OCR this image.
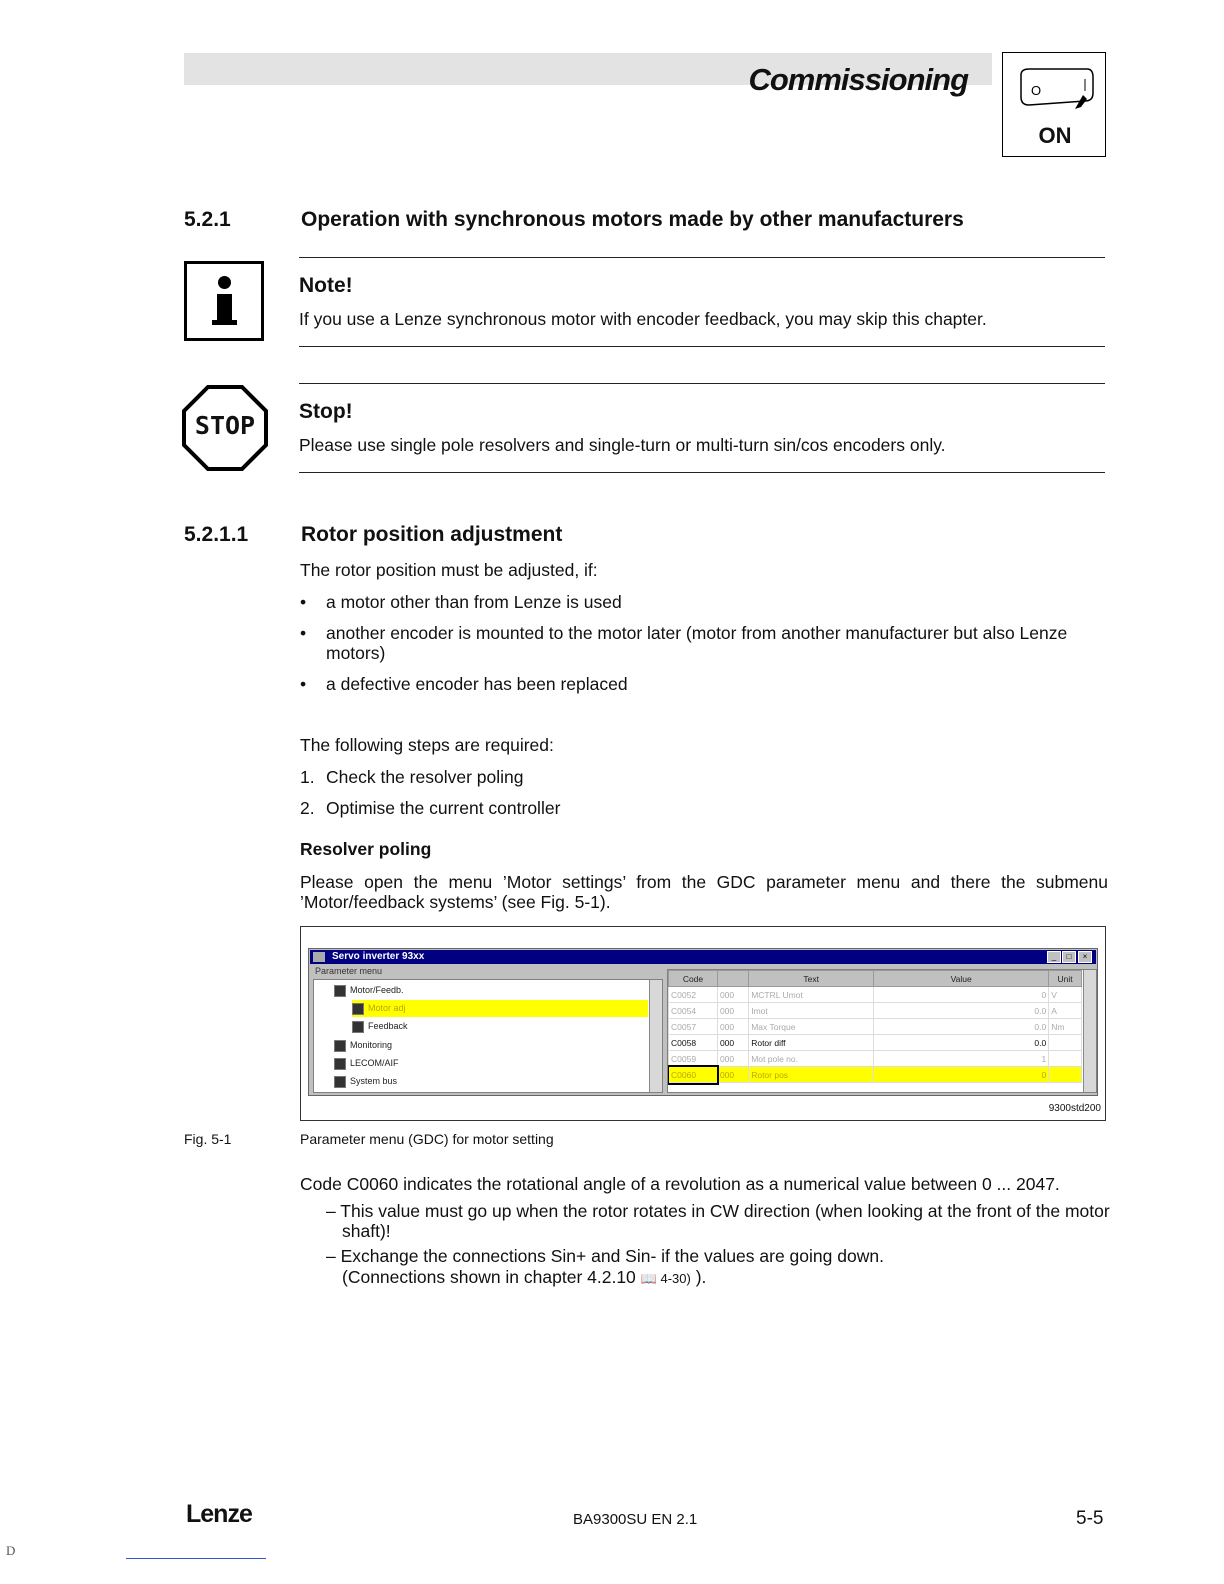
Commissioning	O
ON
5.2.1	Operation with synchronous motors made by other manufacturers
Note!
If you use a Lenze synchronous motor with encoder feedback, you may skip this chapter.
STOP	Stop!
Please use single pole resolvers and single-turn or multi-turn sin/cos encoders only.
5.2.1.1	Rotor position adjustment
The rotor position must be adjusted, if:
• a motor other than from Lenze is used
• another encoder is mounted to the motor later (motor from another manufacturer but also Lenze motors)
• a defective encoder has been replaced
The following steps are required:
1. Check the resolver poling
2. Optimise the current controller
Resolver poling
Please open the menu ’Motor settings’ from the GDC parameter menu and there the submenu ’Motor/feedback systems’ (see Fig. 5-1).
Servo inverter 93xx	_	□	×
Parameter menu
Motor/Feedb.
Motor adj
Feedback
Monitoring
LECOM/AIF
System bus
Code		Text	Value	Unit
C0052	000	MCTRL Umot	0	V
C0054	000	Imot	0.0	A
C0057	000	Max Torque	0.0	Nm
C0058	000	Rotor diff	0.0	
C0059	000	Mot pole no.	1	
C0060	000	Rotor pos	0	
9300std200
Fig. 5-1	Parameter menu (GDC) for motor setting
Code C0060 indicates the rotational angle of a revolution as a numerical value between 0 ... 2047.
– This value must go up when the rotor rotates in CW direction (when looking at the front of the motor shaft)!
– Exchange the connections Sin+ and Sin- if the values are going down.
(Connections shown in chapter 4.2.10 📖 4-30) ).
Lenze	BA9300SU EN 2.1	5-5
D
